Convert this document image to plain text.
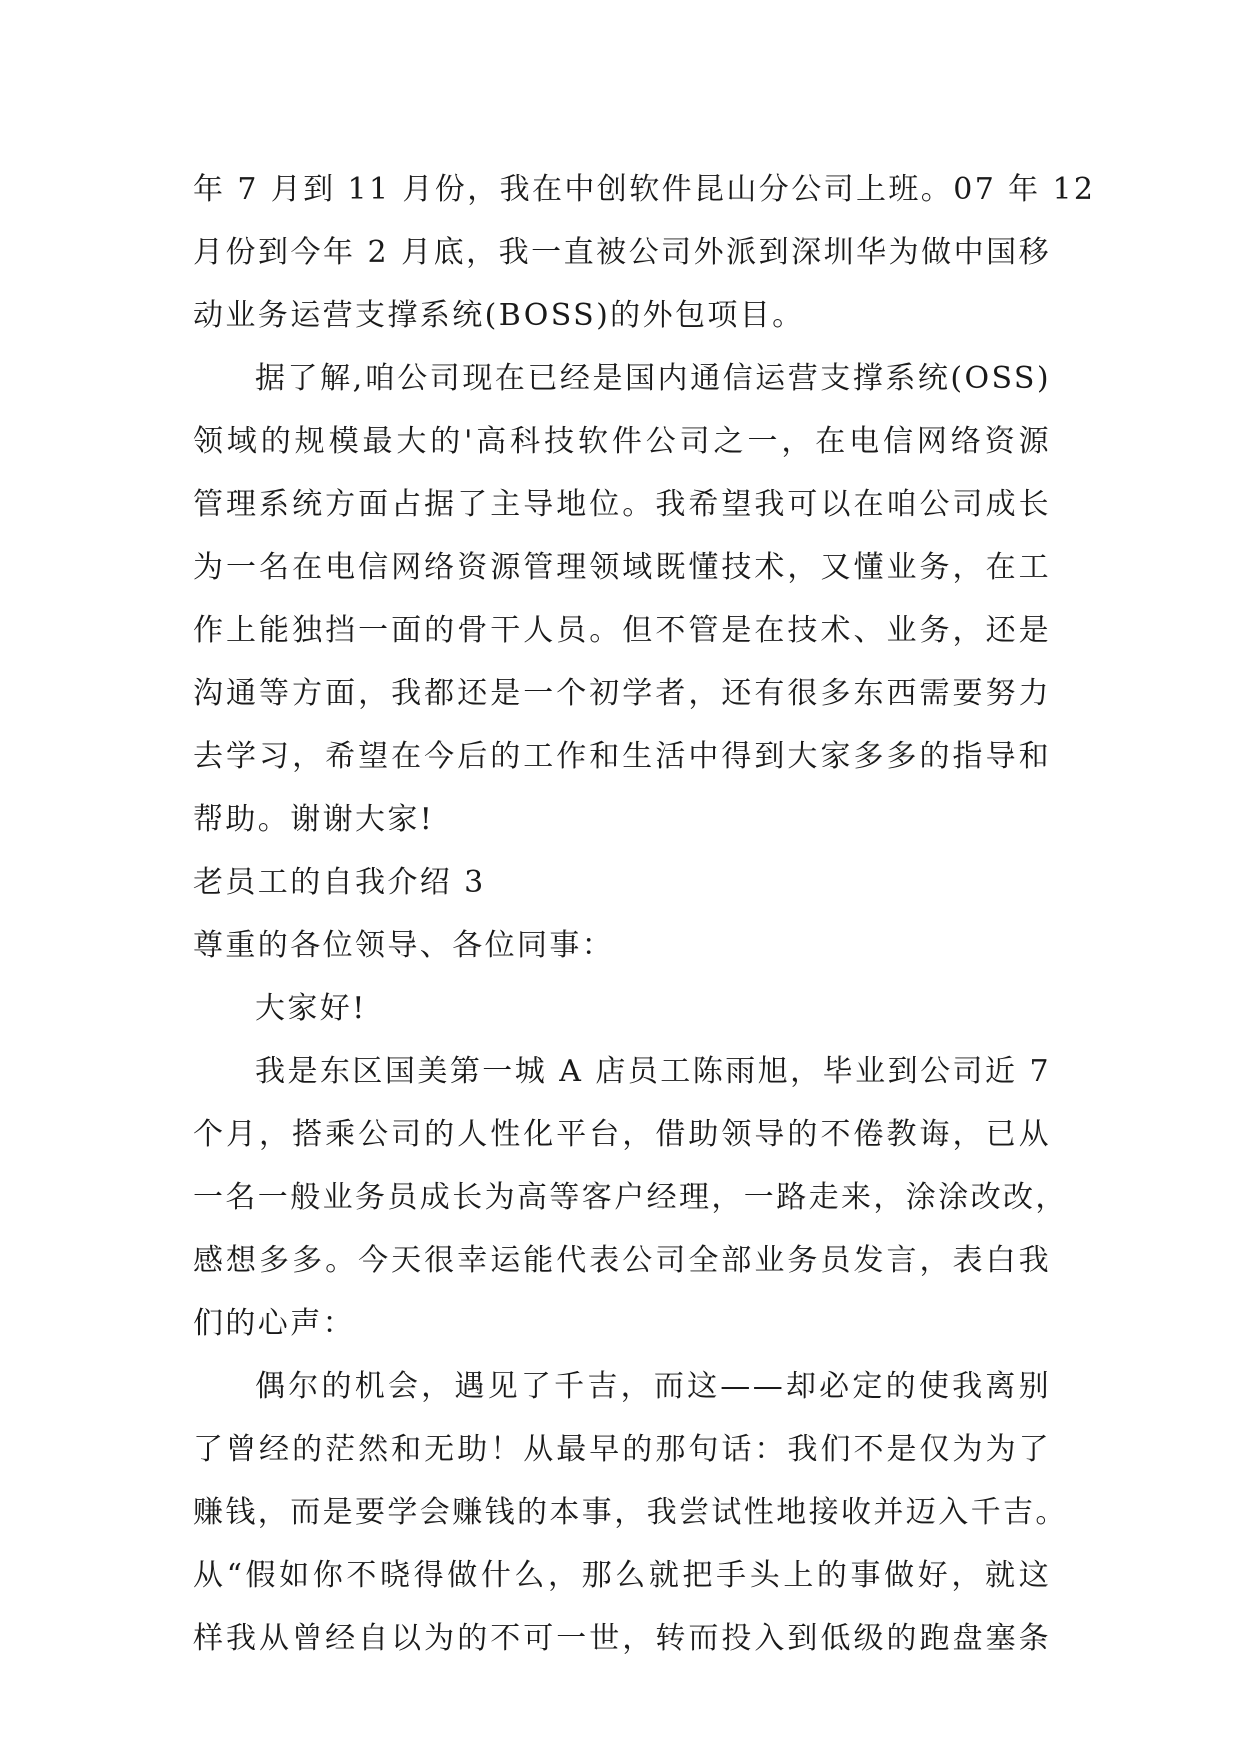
年 7 月到 11 月份，我在中创软件昆山分公司上班。07 年 12
月份到今年 2 月底，我一直被公司外派到深圳华为做中国移
动业务运营支撑系统(BOSS)的外包项目。
据了解,咱公司现在已经是国内通信运营支撑系统(OSS)
领域的规模最大的'高科技软件公司之一，在电信网络资源
管理系统方面占据了主导地位。我希望我可以在咱公司成长
为一名在电信网络资源管理领域既懂技术，又懂业务，在工
作上能独挡一面的骨干人员。但不管是在技术、业务，还是
沟通等方面，我都还是一个初学者，还有很多东西需要努力
去学习，希望在今后的工作和生活中得到大家多多的指导和
帮助。谢谢大家!
老员工的自我介绍 3
尊重的各位领导、各位同事：
大家好!
我是东区国美第一城 A 店员工陈雨旭，毕业到公司近 7
个月，搭乘公司的人性化平台，借助领导的不倦教诲，已从
一名一般业务员成长为高等客户经理，一路走来，涂涂改改，
感想多多。今天很幸运能代表公司全部业务员发言，表白我
们的心声：
偶尔的机会，遇见了千吉，而这——却必定的使我离别
了曾经的茫然和无助！从最早的那句话：我们不是仅为为了
赚钱，而是要学会赚钱的本事，我尝试性地接收并迈入千吉。
从“假如你不晓得做什么，那么就把手头上的事做好，就这
样我从曾经自以为的不可一世，转而投入到低级的跑盘塞条
